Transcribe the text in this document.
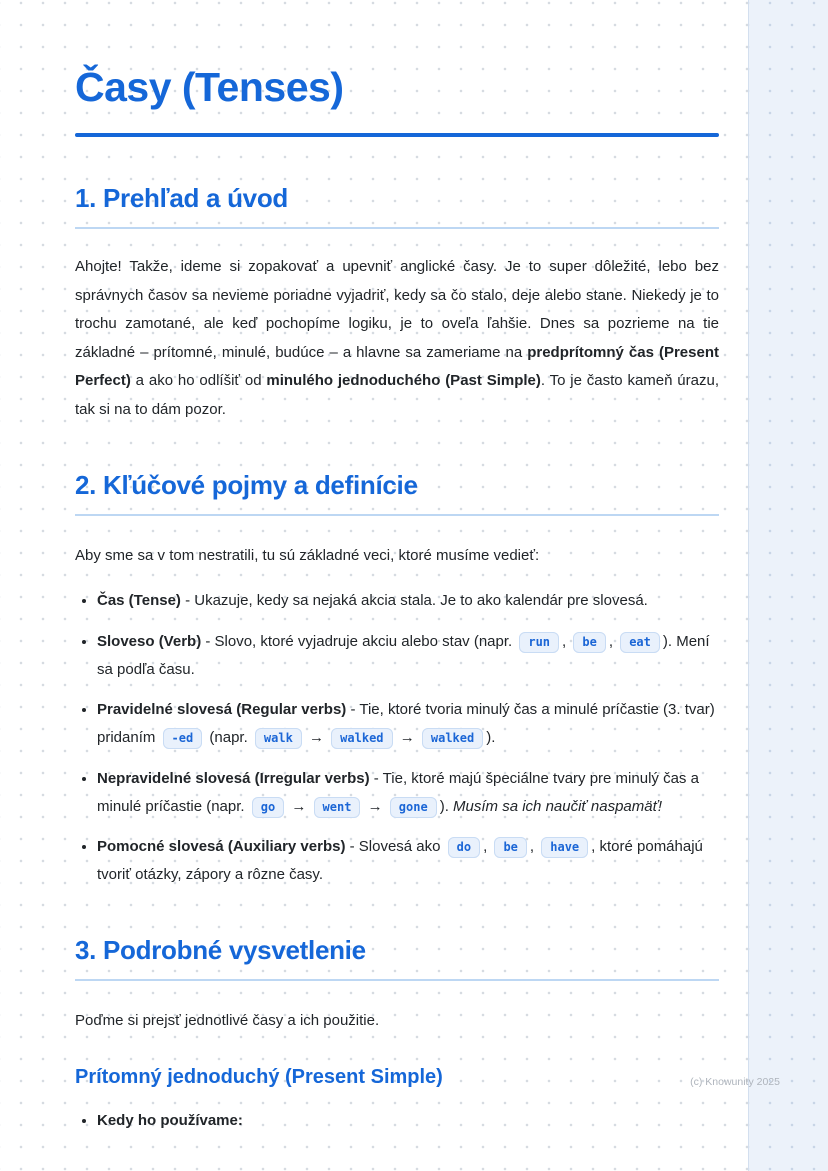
Časy (Tenses)
1. Prehľad a úvod

Ahojte! Takže, ideme si zopakovať a upevniť anglické časy. Je to super dôležité, lebo bez správnych časov sa nevieme poriadne vyjadriť, kedy sa čo stalo, deje alebo stane. Niekedy je to trochu zamotané, ale keď pochopíme logiku, je to oveľa ľahšie. Dnes sa pozrieme na tie základné – prítomné, minulé, budúce – a hlavne sa zameriame na predprítomný čas (Present Perfect) a ako ho odlíšiť od minulého jednoduchého (Past Simple). To je často kameň úrazu, tak si na to dám pozor.

2. Kľúčové pojmy a definície

Aby sme sa v tom nestratili, tu sú základné veci, ktoré musíme vedieť:

• Čas (Tense) - Ukazuje, kedy sa nejaká akcia stala. Je to ako kalendár pre slovesá.
• Sloveso (Verb) - Slovo, ktoré vyjadruje akciu alebo stav (napr. run , be , eat ). Mení sa podľa času.
• Pravidelné slovesá (Regular verbs) - Tie, ktoré tvoria minulý čas a minulé príčastie (3. tvar) pridaním -ed (napr. walk → walked → walked ).
• Nepravidelné slovesá (Irregular verbs) - Tie, ktoré majú špeciálne tvary pre minulý čas a minulé príčastie (napr. go → went → gone ). Musím sa ich naučiť naspamäť!
• Pomocné slovesá (Auxiliary verbs) - Slovesá ako do , be , have , ktoré pomáhajú tvoriť otázky, zápory a rôzne časy.
3. Podrobné vysvetlenie

Poďme si prejsť jednotlivé časy a ich použitie.

Prítomný jednoduchý (Present Simple)
• Kedy ho používame:
(c) Knowunity 2025
